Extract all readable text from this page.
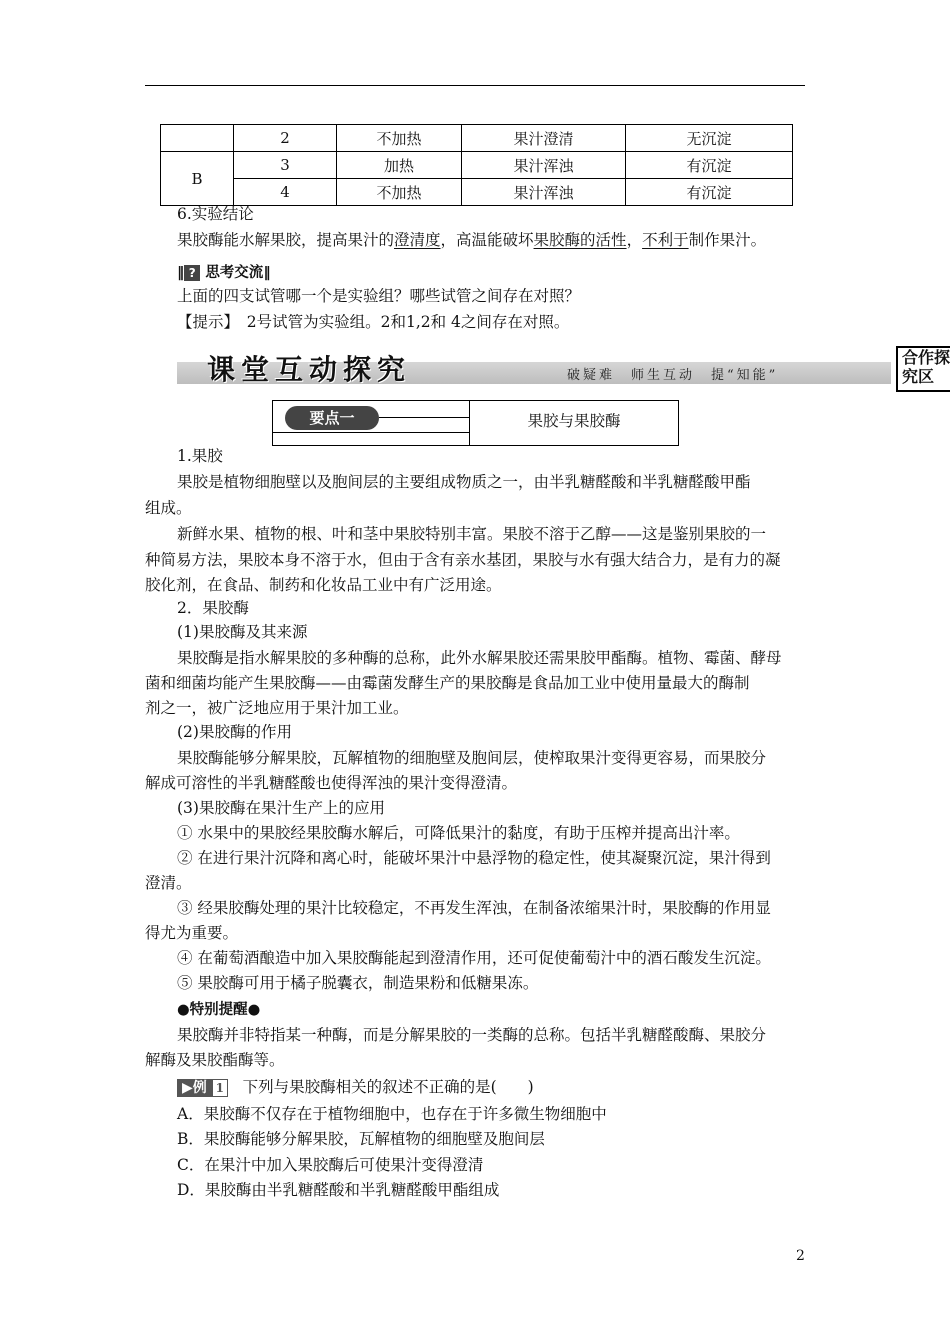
	2	不加热	果汁澄清	无沉淀
B	3	加热	果汁浑浊	有沉淀
	4	不加热	果汁浑浊	有沉淀
6.实验结论
果胶酶能水解果胶，提高果汁的澄清度，高温能破坏果胶酶的活性，不利于制作果汁。
‖ ? 思考交流‖
上面的四支试管哪一个是实验组？哪些试管之间存在对照？
【提示】　2号试管为实验组。2和1,2和 4之间存在对照。
课堂互动探究	破疑难　师生互动　提“知能”
合作探
究区
要点一	果胶与果胶酶
1.果胶
果胶是植物细胞壁以及胞间层的主要组成物质之一，由半乳糖醛酸和半乳糖醛酸甲酯
组成。
新鲜水果、植物的根、叶和茎中果胶特别丰富。果胶不溶于乙醇——这是鉴别果胶的一
种简易方法，果胶本身不溶于水，但由于含有亲水基团，果胶与水有强大结合力，是有力的凝
胶化剂，在食品、制药和化妆品工业中有广泛用途。
2．果胶酶
(1)果胶酶及其来源
果胶酶是指水解果胶的多种酶的总称，此外水解果胶还需果胶甲酯酶。植物、霉菌、酵母
菌和细菌均能产生果胶酶——由霉菌发酵生产的果胶酶是食品加工业中使用量最大的酶制
剂之一，被广泛地应用于果汁加工业。
(2)果胶酶的作用
果胶酶能够分解果胶，瓦解植物的细胞壁及胞间层，使榨取果汁变得更容易，而果胶分
解成可溶性的半乳糖醛酸也使得浑浊的果汁变得澄清。
(3)果胶酶在果汁生产上的应用
① 水果中的果胶经果胶酶水解后，可降低果汁的黏度，有助于压榨并提高出汁率。
② 在进行果汁沉降和离心时，能破坏果汁中悬浮物的稳定性，使其凝聚沉淀，果汁得到
澄清。
③ 经果胶酶处理的果汁比较稳定，不再发生浑浊，在制备浓缩果汁时，果胶酶的作用显
得尤为重要。
④ 在葡萄酒酿造中加入果胶酶能起到澄清作用，还可促使葡萄汁中的酒石酸发生沉淀。
⑤ 果胶酶可用于橘子脱囊衣，制造果粉和低糖果冻。
●特别提醒●
果胶酶并非特指某一种酶，而是分解果胶的一类酶的总称。包括半乳糖醛酸酶、果胶分
解酶及果胶酯酶等。
▶例 1 下列与果胶酶相关的叙述不正确的是(　　)
A．果胶酶不仅存在于植物细胞中，也存在于许多微生物细胞中
B．果胶酶能够分解果胶，瓦解植物的细胞壁及胞间层
C．在果汁中加入果胶酶后可使果汁变得澄清
D．果胶酶由半乳糖醛酸和半乳糖醛酸甲酯组成
2
